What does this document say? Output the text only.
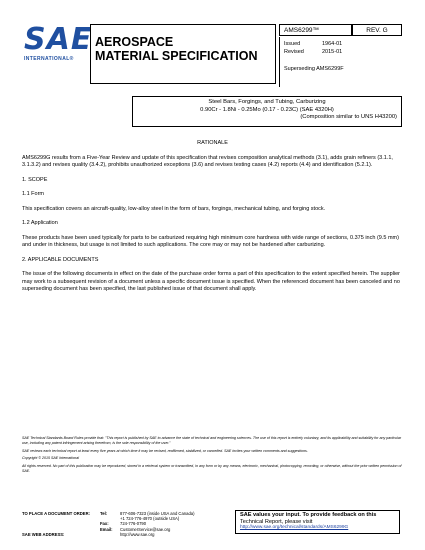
SAE
INTERNATIONAL®
AEROSPACE
MATERIAL SPECIFICATION
AMS6299™	REV. G
Issued	1964-01
Revised	2015-01
Superseding AMS6299F
Steel Bars, Forgings, and Tubing, Carburizing
0.90Cr - 1.8Ni - 0.25Mo (0.17 - 0.23C) (SAE 4320H)
(Composition similar to UNS H43200)

RATIONALE

AMS6299G results from a Five-Year Review and update of this specification that revises composition analytical methods (3.1), adds grain refiners (3.1.1, 3.1.3.2) and revises quality (3.4.2), prohibits unauthorized exceptions (3.6) and revises testing cases (4.2) reports (4.4) and identification (5.2.1).

1. SCOPE

1.1 Form

This specification covers an aircraft-quality, low-alloy steel in the form of bars, forgings, mechanical tubing, and forging stock.

1.2 Application

These products have been used typically for parts to be carburized requiring high minimum core hardness with wide range of sections, 0.375 inch (9.5 mm) and under in thickness, but usage is not limited to such applications. The core may or may not be hardened after carburizing.

2. APPLICABLE DOCUMENTS

The issue of the following documents in effect on the date of the purchase order forms a part of this specification to the extent specified herein. The supplier may work to a subsequent revision of a document unless a specific document issue is specified. When the referenced document has been canceled and no superseding document has been specified, the last published issue of that document shall apply.

SAE Technical Standards Board Rules provide that: "This report is published by SAE to advance the state of technical and engineering sciences. The use of this report is entirely voluntary, and its applicability and suitability for any particular use, including any patent infringement arising therefrom, is the sole responsibility of the user."

SAE reviews each technical report at least every five years at which time it may be revised, reaffirmed, stabilized, or cancelled. SAE invites your written comments and suggestions.

Copyright © 2015 SAE International

All rights reserved. No part of this publication may be reproduced, stored in a retrieval system or transmitted, in any form or by any means, electronic, mechanical, photocopying, recording, or otherwise, without the prior written permission of SAE.

TO PLACE A DOCUMENT ORDER:	Tel:	877-606-7323 (inside USA and Canada)
+1 724-776-4970 (outside USA)
Fax:	724-776-0790
Email:	CustomerService@sae.org
SAE WEB ADDRESS:	http://www.sae.org
SAE values your input. To provide feedback on this
Technical Report, please visit
http://www.sae.org/technical/standards/AMS6299G
